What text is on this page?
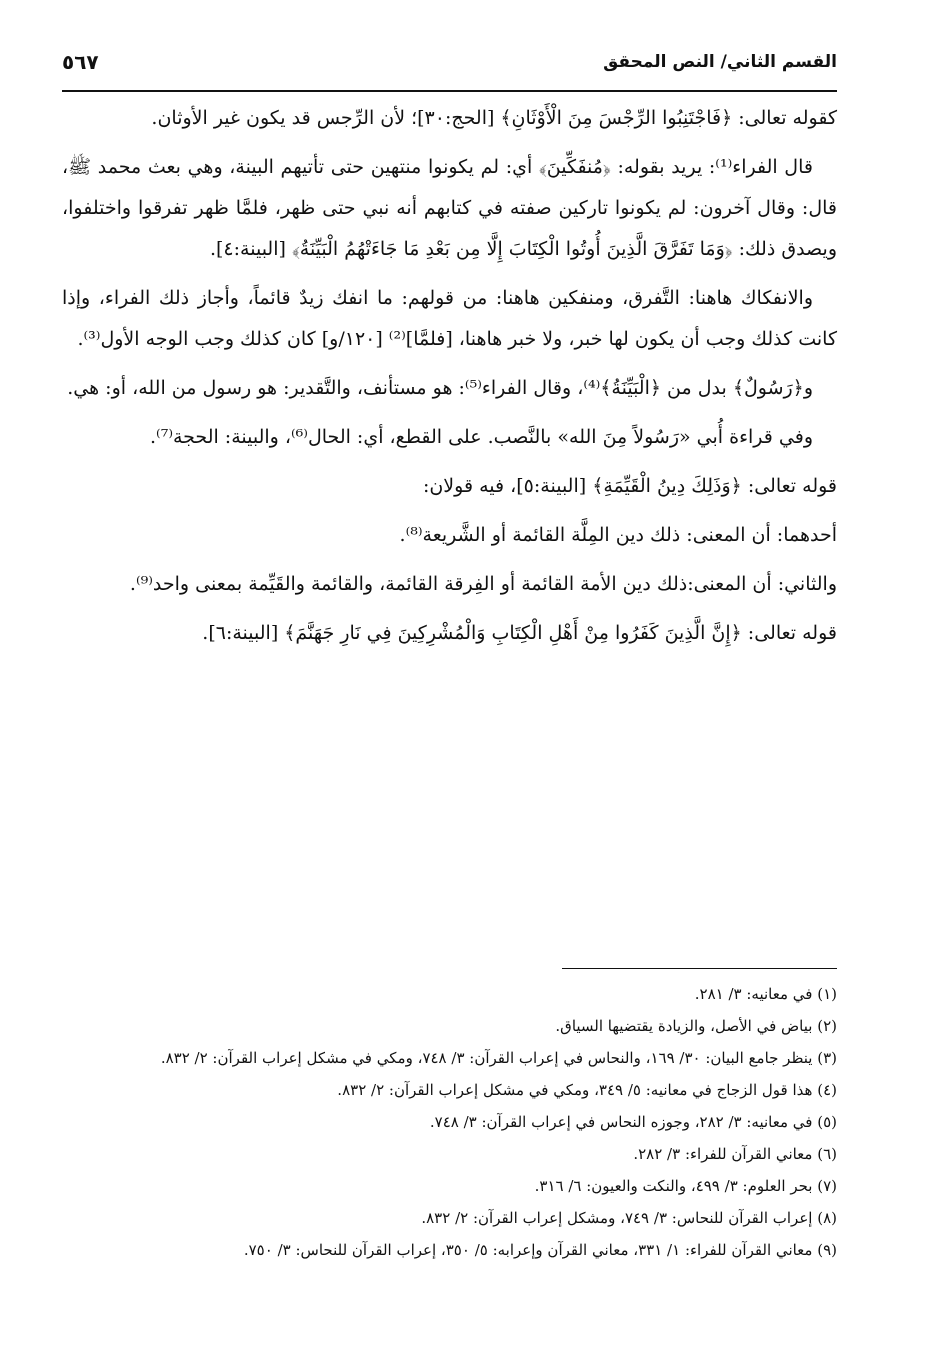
القسم الثاني/ النص المحقق
٥٦٧

كقوله تعالى: ﴿فَاجْتَنِبُوا الرِّجْسَ مِنَ الْأَوْثَانِ﴾ [الحج:٣٠]؛ لأن الرِّجس قد يكون غير الأوثان.

قال الفراء⁽¹⁾: يريد بقوله: ﴿مُنفَكِّينَ﴾ أي: لم يكونوا منتهين حتى تأتيهم البينة، وهي بعث محمد ﷺ، قال: وقال آخرون: لم يكونوا تاركين صفته في كتابهم أنه نبي حتى ظهر، فلمَّا ظهر تفرقوا واختلفوا، ويصدق ذلك: ﴿وَمَا تَفَرَّقَ الَّذِينَ أُوتُوا الْكِتَابَ إِلَّا مِن بَعْدِ مَا جَاءَتْهُمُ الْبَيِّنَةُ﴾ [البينة:٤].

والانفكاك هاهنا: التَّفرق، ومنفكين هاهنا: من قولهم: ما انفك زيدٌ قائماً، وأجاز ذلك الفراء، وإذا كانت كذلك وجب أن يكون لها خبر، ولا خبر هاهنا، [فلمَّا]⁽²⁾ [١٢٠/و] كان كذلك وجب الوجه الأول⁽³⁾.

و﴿رَسُولٌ﴾ بدل من ﴿الْبَيِّنَةُ﴾⁽⁴⁾، وقال الفراء⁽⁵⁾: هو مستأنف، والتَّقدير: هو رسول من الله، أو: هي.

وفي قراءة أُبي «رَسُولاً مِنَ الله» بالنَّصب. على القطع، أي: الحال⁽⁶⁾، والبينة: الحجة⁽⁷⁾.

قوله تعالى: ﴿وَذَلِكَ دِينُ الْقَيِّمَةِ﴾ [البينة:٥]، فيه قولان:

أحدهما: أن المعنى: ذلك دين المِلَّة القائمة أو الشَّريعة⁽⁸⁾.

والثاني: أن المعنى:ذلك دين الأمة القائمة أو الفِرقة القائمة، والقائمة والقَيِّمة بمعنى واحد⁽⁹⁾.

قوله تعالى: ﴿إِنَّ الَّذِينَ كَفَرُوا مِنْ أَهْلِ الْكِتَابِ وَالْمُشْرِكِينَ فِي نَارِ جَهَنَّمَ﴾ [البينة:٦].

(١) في معانيه: ٣/ ٢٨١.

(٢) بياض في الأصل، والزيادة يقتضيها السياق.

(٣) ينظر جامع البيان: ٣٠/ ١٦٩، والنحاس في إعراب القرآن: ٣/ ٧٤٨، ومكي في مشكل إعراب القرآن: ٢/ ٨٣٢.

(٤) هذا قول الزجاج في معانيه: ٥/ ٣٤٩، ومكي في مشكل إعراب القرآن: ٢/ ٨٣٢.

(٥) في معانيه: ٣/ ٢٨٢، وجوزه النحاس في إعراب القرآن: ٣/ ٧٤٨.

(٦) معاني القرآن للفراء: ٣/ ٢٨٢.

(٧) بحر العلوم: ٣/ ٤٩٩، والنكت والعيون: ٦/ ٣١٦.

(٨) إعراب القرآن للنحاس: ٣/ ٧٤٩، ومشكل إعراب القرآن: ٢/ ٨٣٢.

(٩) معاني القرآن للفراء: ١/ ٣٣١، معاني القرآن وإعرابه: ٥/ ٣٥٠، إعراب القرآن للنحاس: ٣/ ٧٥٠.
